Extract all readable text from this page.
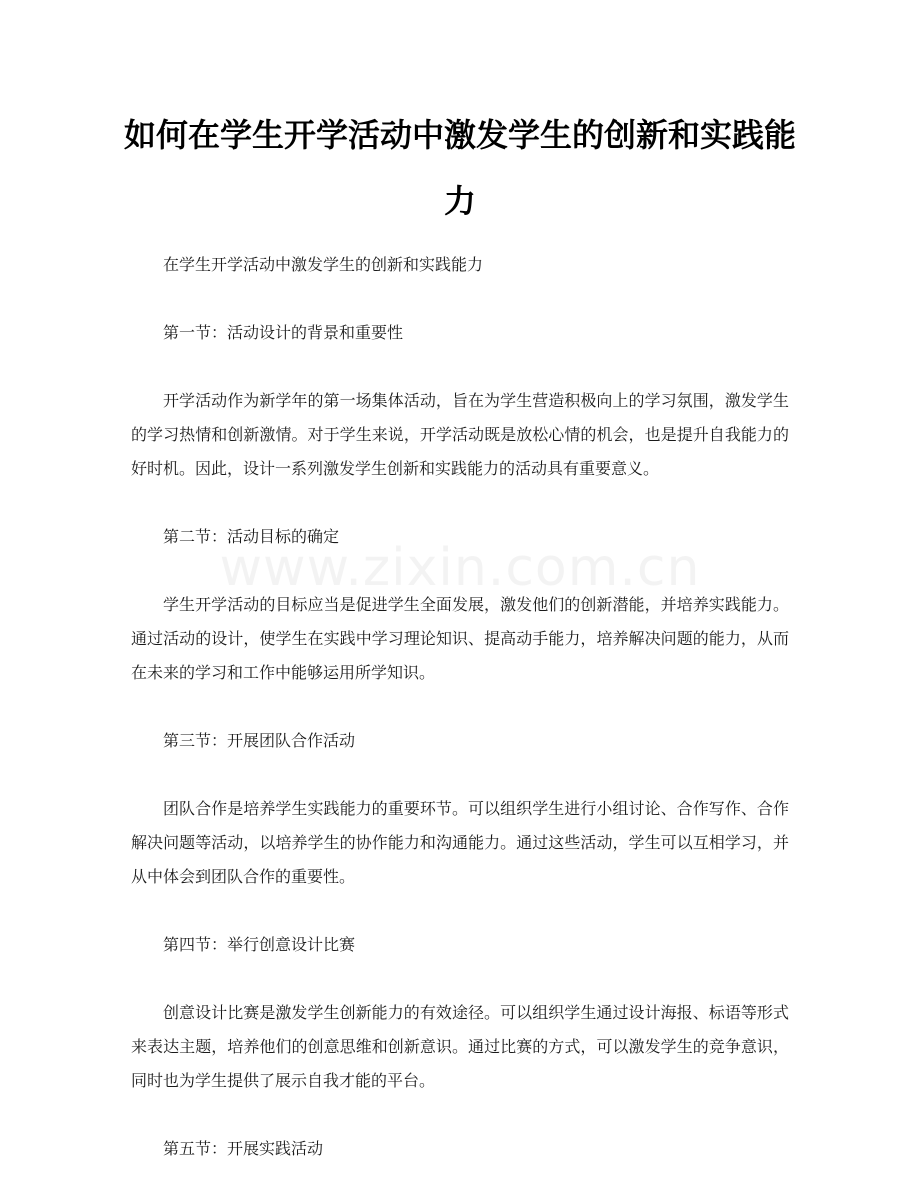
如何在学生开学活动中激发学生的创新和实践能力

在学生开学活动中激发学生的创新和实践能力

第一节：活动设计的背景和重要性

开学活动作为新学年的第一场集体活动，旨在为学生营造积极向上的学习氛围，激发学生的学习热情和创新激情。对于学生来说，开学活动既是放松心情的机会，也是提升自我能力的好时机。因此，设计一系列激发学生创新和实践能力的活动具有重要意义。

第二节：活动目标的确定

学生开学活动的目标应当是促进学生全面发展，激发他们的创新潜能，并培养实践能力。通过活动的设计，使学生在实践中学习理论知识、提高动手能力，培养解决问题的能力，从而在未来的学习和工作中能够运用所学知识。

第三节：开展团队合作活动

团队合作是培养学生实践能力的重要环节。可以组织学生进行小组讨论、合作写作、合作解决问题等活动，以培养学生的协作能力和沟通能力。通过这些活动，学生可以互相学习，并从中体会到团队合作的重要性。

第四节：举行创意设计比赛

创意设计比赛是激发学生创新能力的有效途径。可以组织学生通过设计海报、标语等形式来表达主题，培养他们的创意思维和创新意识。通过比赛的方式，可以激发学生的竞争意识，同时也为学生提供了展示自我才能的平台。

第五节：开展实践活动

www.zixin.com.cn
